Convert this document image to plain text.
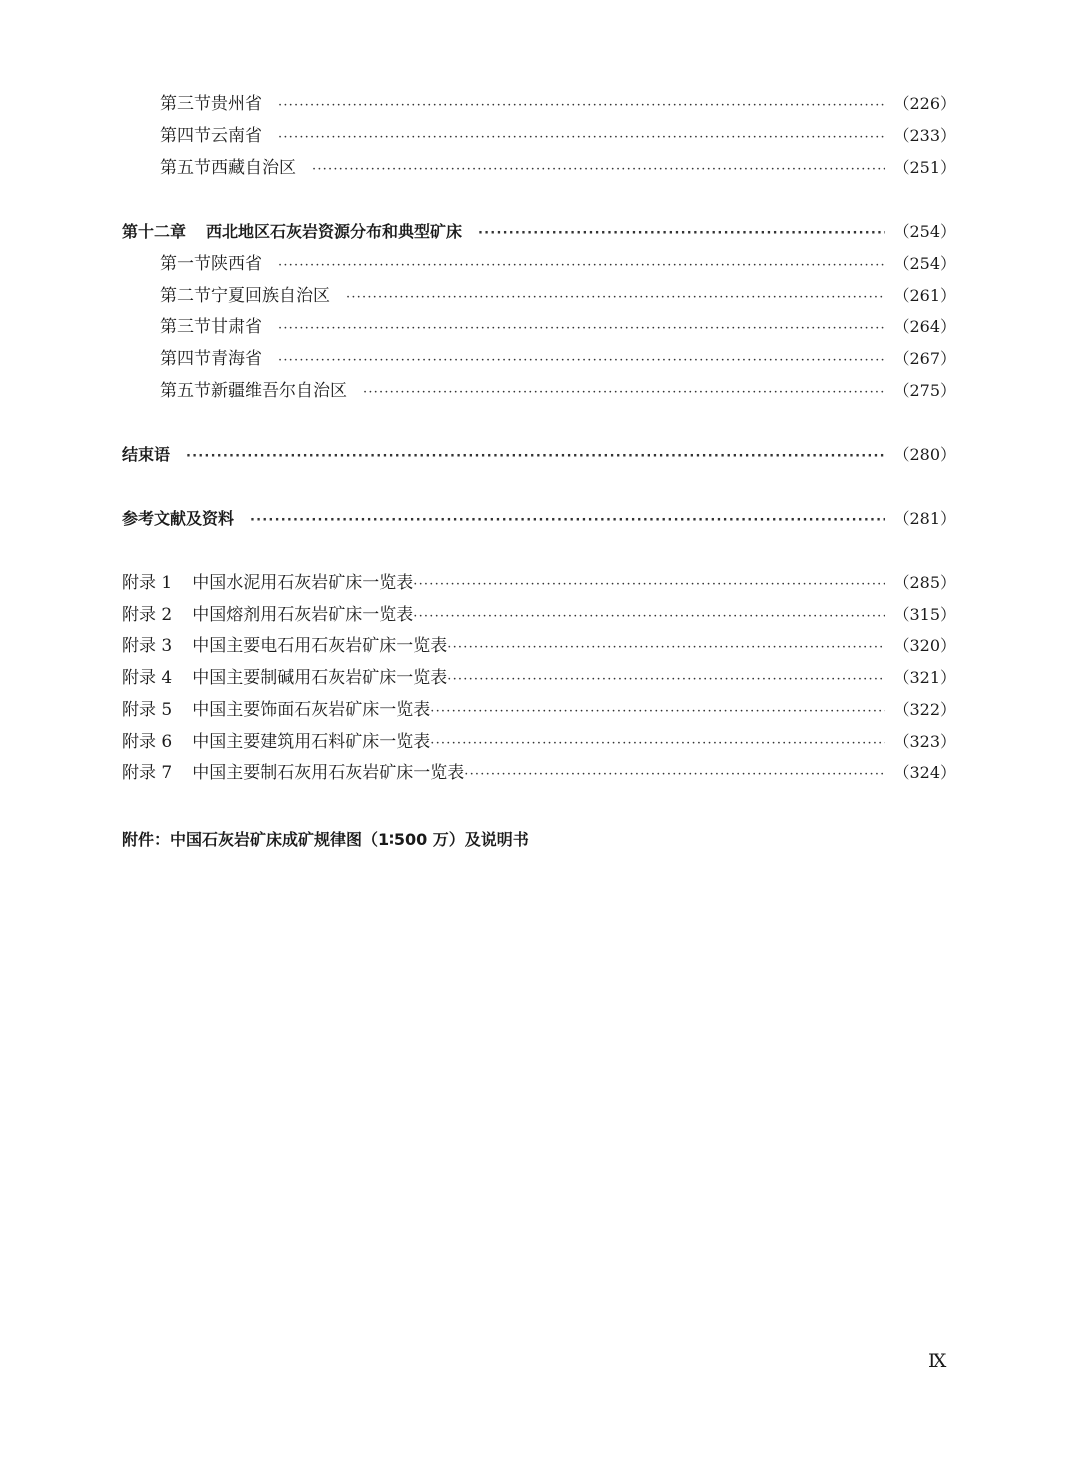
第三节 贵州省 ·····	（226）
第四节 云南省 ·····	（233）
第五节 西藏自治区 ·····	（251）
第十二章 西北地区石灰岩资源分布和典型矿床 ·····	（254）
第一节 陕西省 ·····	（254）
第二节 宁夏回族自治区 ·····	（261）
第三节 甘肃省 ·····	（264）
第四节 青海省 ·····	（267）
第五节 新疆维吾尔自治区 ·····	（275）
结束语 ·····	（280）
参考文献及资料 ·····	（281）
附录 1 中国水泥用石灰岩矿床一览表 ·····	（285）
附录 2 中国熔剂用石灰岩矿床一览表 ·····	（315）
附录 3 中国主要电石用石灰岩矿床一览表 ·····	（320）
附录 4 中国主要制碱用石灰岩矿床一览表 ·····	（321）
附录 5 中国主要饰面石灰岩矿床一览表 ·····	（322）
附录 6 中国主要建筑用石料矿床一览表 ·····	（323）
附录 7 中国主要制石灰用石灰岩矿床一览表 ·····	（324）
附件：中国石灰岩矿床成矿规律图（1∶500 万）及说明书
Ⅸ
